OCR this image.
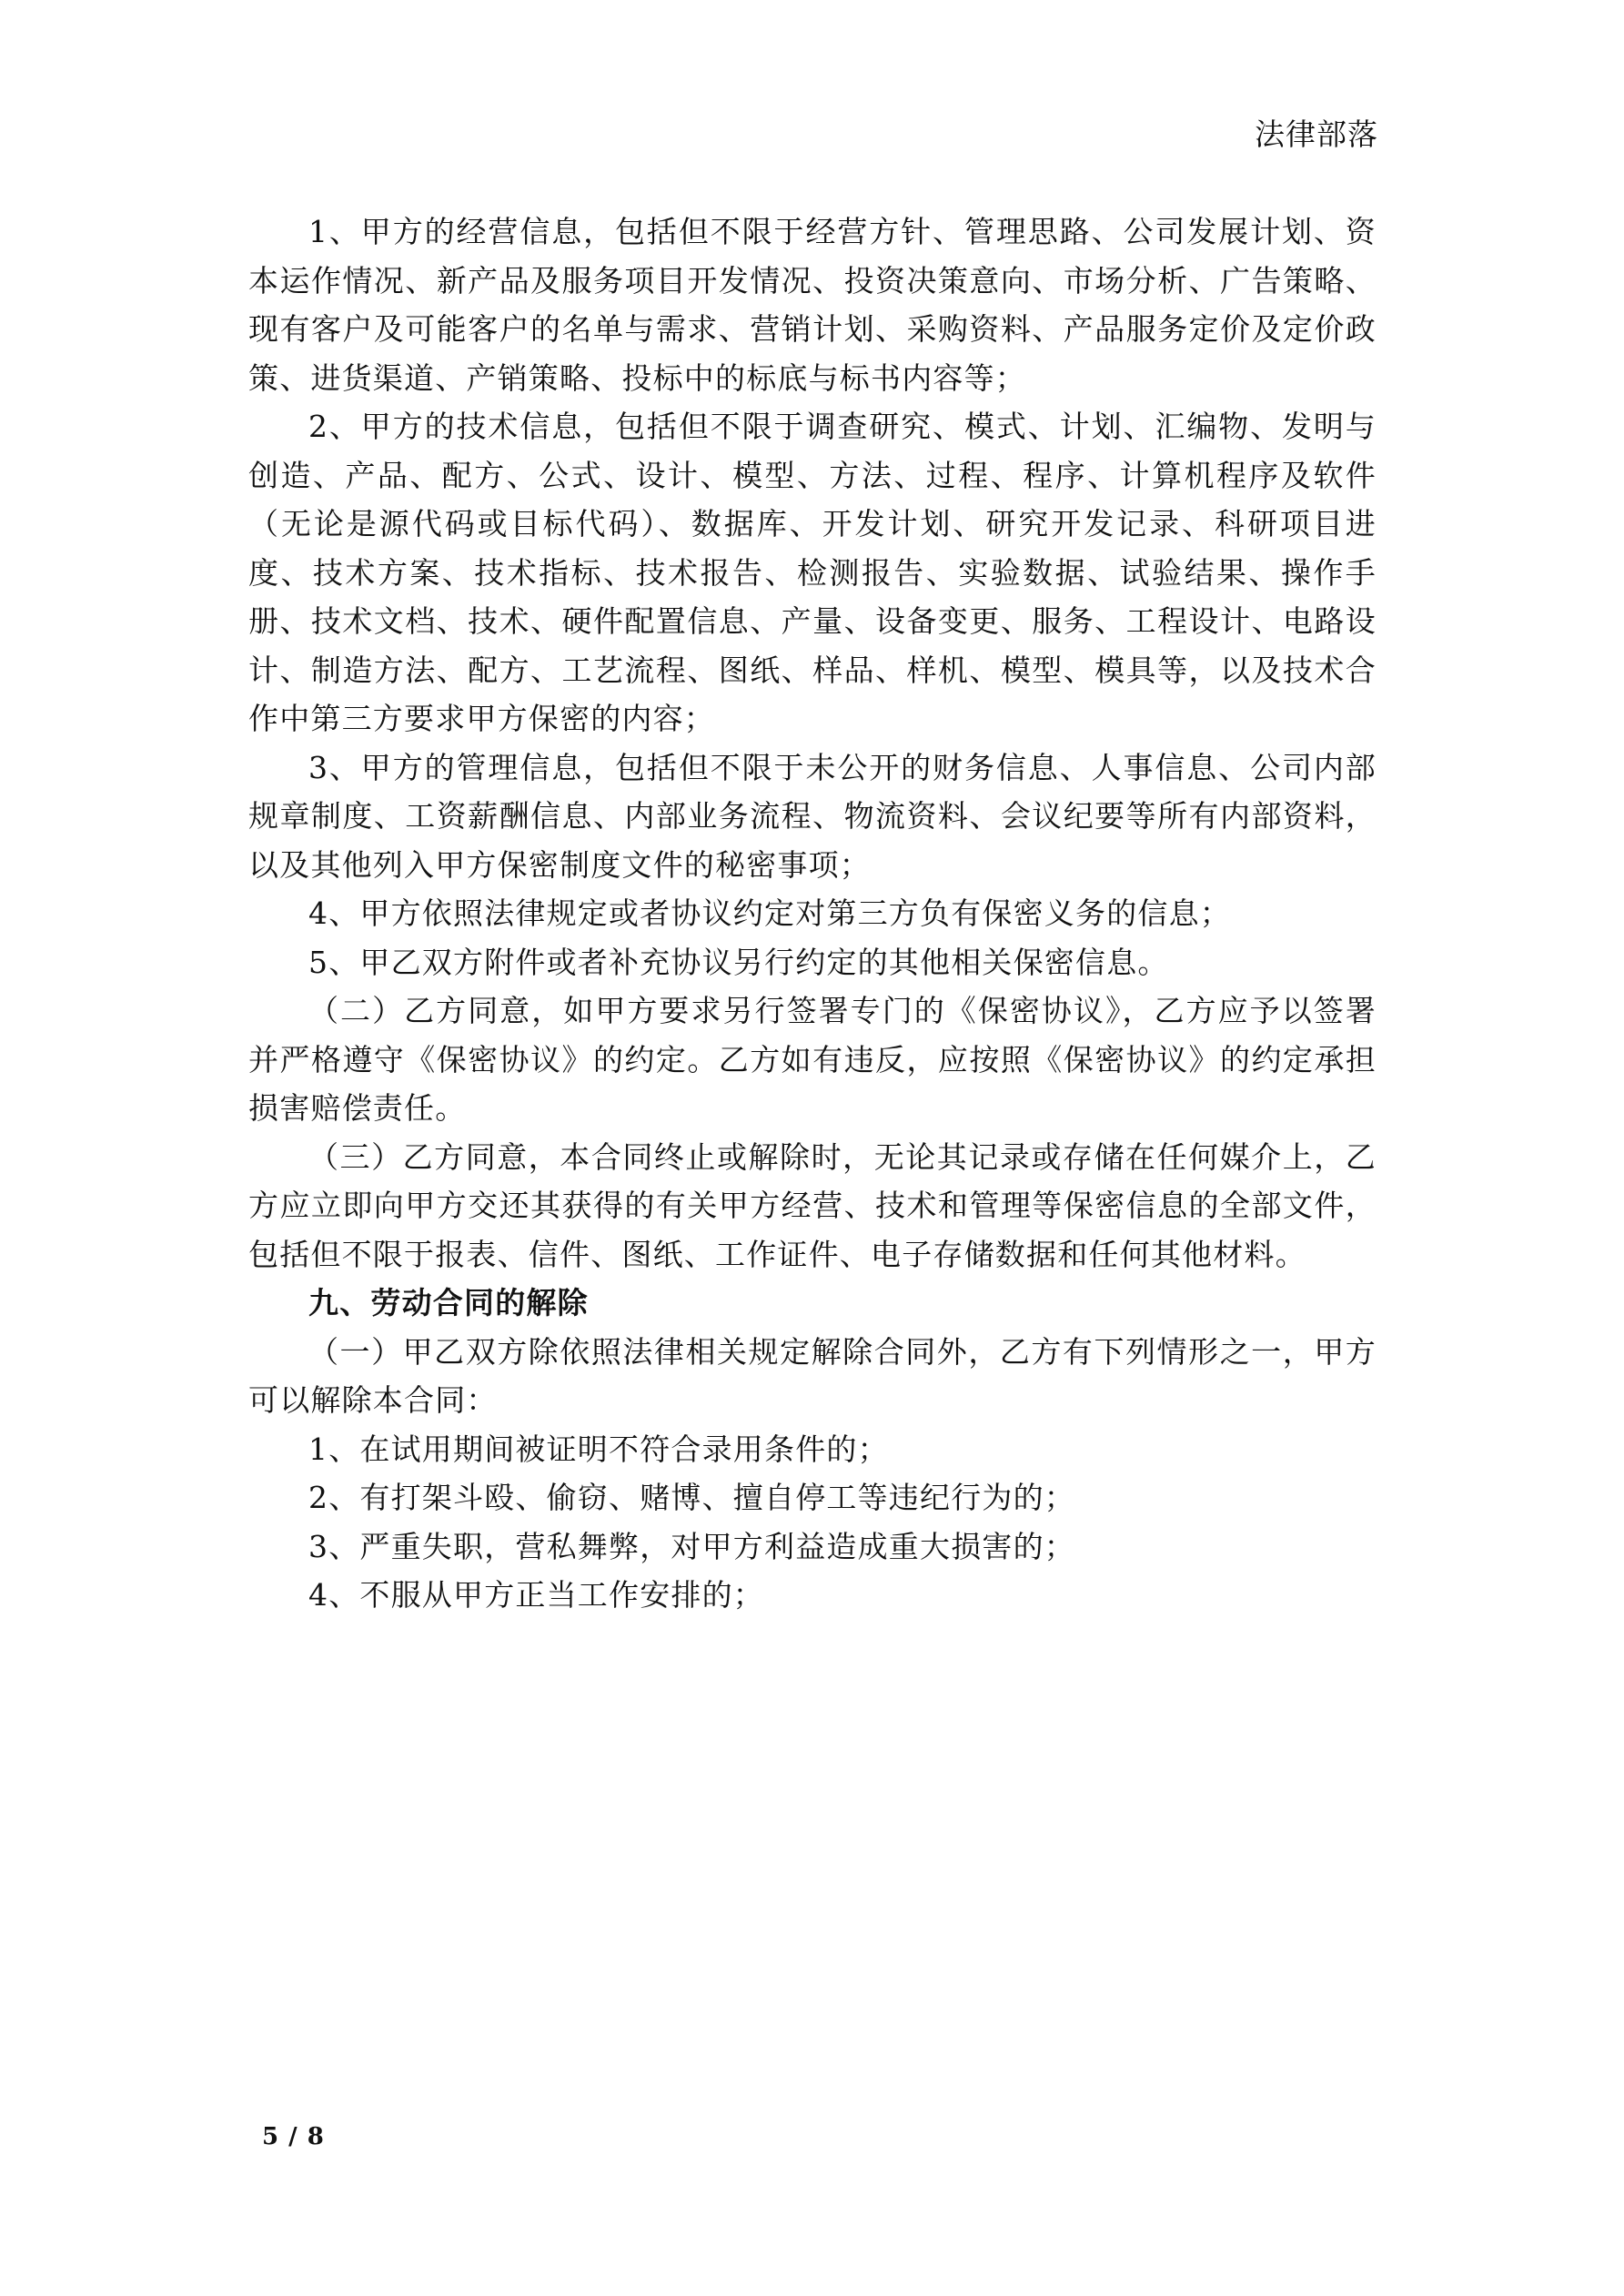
法律部落

1、甲方的经营信息，包括但不限于经营方针、管理思路、公司发展计划、资本运作情况、新产品及服务项目开发情况、投资决策意向、市场分析、广告策略、现有客户及可能客户的名单与需求、营销计划、采购资料、产品服务定价及定价政策、进货渠道、产销策略、投标中的标底与标书内容等；

2、甲方的技术信息，包括但不限于调查研究、模式、计划、汇编物、发明与创造、产品、配方、公式、设计、模型、方法、过程、程序、计算机程序及软件（无论是源代码或目标代码）、数据库、开发计划、研究开发记录、科研项目进度、技术方案、技术指标、技术报告、检测报告、实验数据、试验结果、操作手册、技术文档、技术、硬件配置信息、产量、设备变更、服务、工程设计、电路设计、制造方法、配方、工艺流程、图纸、样品、样机、模型、模具等，以及技术合作中第三方要求甲方保密的内容；

3、甲方的管理信息，包括但不限于未公开的财务信息、人事信息、公司内部规章制度、工资薪酬信息、内部业务流程、物流资料、会议纪要等所有内部资料，以及其他列入甲方保密制度文件的秘密事项；

4、甲方依照法律规定或者协议约定对第三方负有保密义务的信息；

5、甲乙双方附件或者补充协议另行约定的其他相关保密信息。

（二）乙方同意，如甲方要求另行签署专门的《保密协议》，乙方应予以签署并严格遵守《保密协议》的约定。乙方如有违反，应按照《保密协议》的约定承担损害赔偿责任。

（三）乙方同意，本合同终止或解除时，无论其记录或存储在任何媒介上，乙方应立即向甲方交还其获得的有关甲方经营、技术和管理等保密信息的全部文件，包括但不限于报表、信件、图纸、工作证件、电子存储数据和任何其他材料。

九、劳动合同的解除

（一）甲乙双方除依照法律相关规定解除合同外，乙方有下列情形之一，甲方可以解除本合同：

1、在试用期间被证明不符合录用条件的；

2、有打架斗殴、偷窃、赌博、擅自停工等违纪行为的；

3、严重失职，营私舞弊，对甲方利益造成重大损害的；

4、不服从甲方正当工作安排的；

5 / 8
